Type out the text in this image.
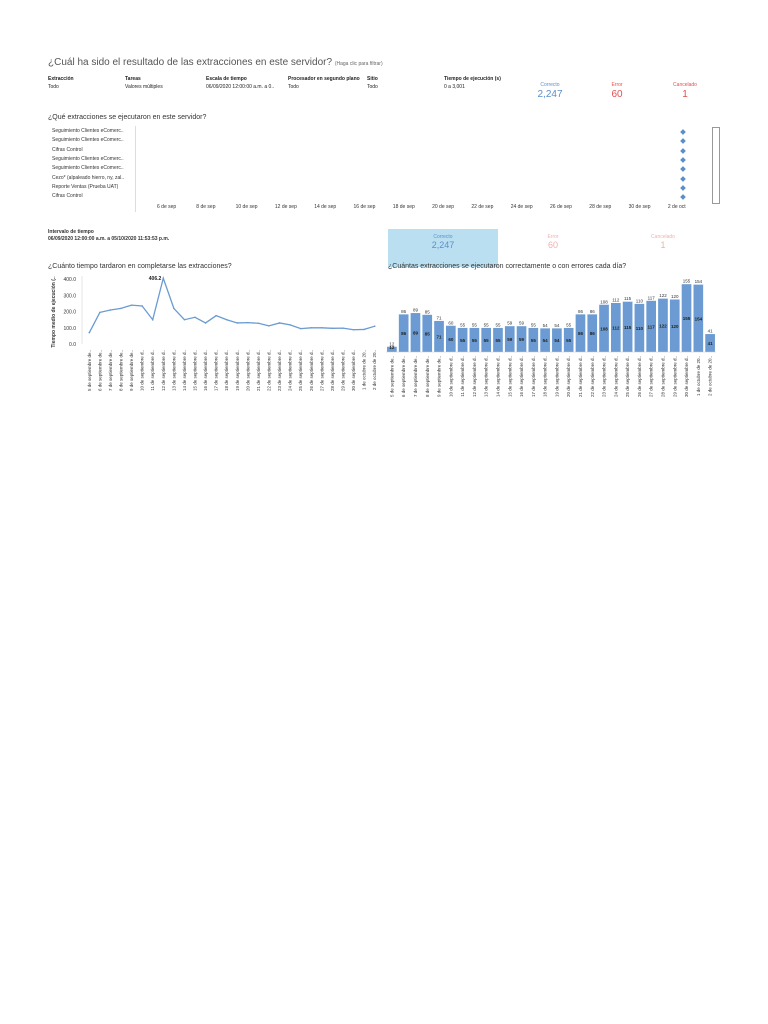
¿Cuál ha sido el resultado de las extracciones en este servidor? (Haga clic para filtrar)
Extracción
Todo
Tareas
Valores múltiples
Escala de tiempo
06/09/2020 12:00:00 a.m. a 0..
Procesador en segundo plano
Todo
Sitio
Todo
Tiempo de ejecución (s)
0 a 3,001	Correcto
2,247
Error
60
Cancelado
1
¿Qué extracciones se ejecutaron en este servidor?
Seguimiento Clientes eComerc..
Seguimiento Clientes eComerc..
Cifras Control
Seguimiento Clientes eComerc..
Seguimiento Clientes eComerc..
Cezo* (alpaleado hierro, ny, zal..
Reporte Ventas (Prueba UAT)
Cifras Control
6 de sep	8 de sep	10 de sep	12 de sep	14 de sep	16 de sep	18 de sep	20 de sep	22 de sep	24 de sep	26 de sep	28 de sep	30 de sep	2 de oct
Intervalo de tiempo
06/09/2020 12:00:00 a.m. a 05/10/2020 11:53:53 p.m.	Correcto
2,247
Error
60
Cancelado
1
¿Cuánto tiempo tardaron en completarse las extracciones?
Tiempo medio de ejecución (.. 400.0
300.0
200.0
100.0
0.0
406.2
5 de septiembre de.. 6 de septiembre de.. 7 de septiembre de.. 8 de septiembre de.. 9 de septiembre de.. 10 de septiembre d.. 11 de septiembre d.. 12 de septiembre d.. 13 de septiembre d.. 14 de septiembre d.. 15 de septiembre d.. 16 de septiembre d.. 17 de septiembre d.. 18 de septiembre d.. 19 de septiembre d.. 20 de septiembre d.. 21 de septiembre d.. 22 de septiembre d.. 23 de septiembre d.. 24 de septiembre d.. 25 de septiembre d.. 26 de septiembre d.. 27 de septiembre d.. 28 de septiembre d.. 29 de septiembre d.. 30 de septiembre d.. 1 de octubre de 20.. 2 de octubre de 20..
¿Cuántas extracciones se ejecutaron correctamente o con errores cada día?
12
12
86
86
89
89
85
85
71
71
60
60
55
55
55
55
55
55
55
55
59
59
59
59
55
55
54
54
54
54
55
55
86
86
86
86
108
108
112
112
115
115
110
110
117
117
122
122
120
120
155
155
154
154
41
41
5 de septiembre de.. 6 de septiembre de.. 7 de septiembre de.. 8 de septiembre de.. 9 de septiembre de.. 10 de septiembre d.. 11 de septiembre d.. 12 de septiembre d.. 13 de septiembre d.. 14 de septiembre d.. 15 de septiembre d.. 16 de septiembre d.. 17 de septiembre d.. 18 de septiembre d.. 19 de septiembre d.. 20 de septiembre d.. 21 de septiembre d.. 22 de septiembre d.. 23 de septiembre d.. 24 de septiembre d.. 25 de septiembre d.. 26 de septiembre d.. 27 de septiembre d.. 28 de septiembre d.. 29 de septiembre d.. 30 de septiembre d.. 1 de octubre de 20.. 2 de octubre de 20..
